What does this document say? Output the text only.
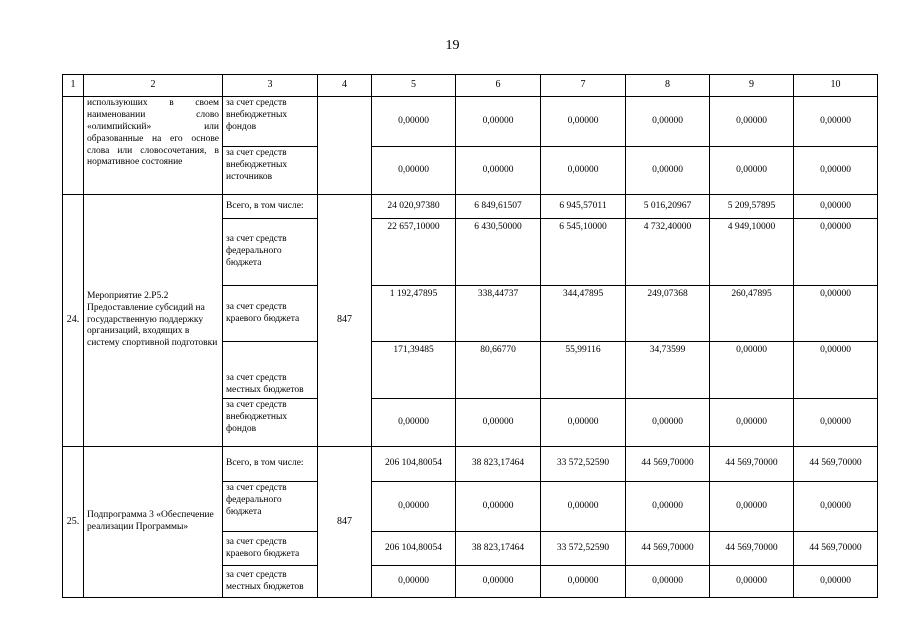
19
1	2	3	4	5	6	7	8	9	10
	используюших в своем наименовании слово «олимпийский» или образованные на его основе слова или словосочетания, в нормативное состояние	за счет средств внебюджетных фондов		0,00000	0,00000	0,00000	0,00000	0,00000	0,00000
		за счет средств внебюджетных источников		0,00000	0,00000	0,00000	0,00000	0,00000	0,00000
24.	Мероприятие 2.Р5.2 Предоставление субсидий на государственную поддержку организаций, входящих в систему спортивной подготовки	Всего, в том числе:	847	24 020,97380	6 849,61507	6 945,57011	5 016,20967	5 209,57895	0,00000
		за счет средств федерального бюджета		22 657,10000	6 430,50000	6 545,10000	4 732,40000	4 949,10000	0,00000
		за счет средств краевого бюджета		1 192,47895	338,44737	344,47895	249,07368	260,47895	0,00000
		за счет средств местных бюджетов		171,39485	80,66770	55,99116	34,73599	0,00000	0,00000
		за счет средств внебюджетных фондов		0,00000	0,00000	0,00000	0,00000	0,00000	0,00000
25.	Подпрограмма 3 «Обеспечение реализации Программы»	Всего, в том числе:	847	206 104,80054	38 823,17464	33 572,52590	44 569,70000	44 569,70000	44 569,70000
		за счет средств федерального бюджета		0,00000	0,00000	0,00000	0,00000	0,00000	0,00000
		за счет средств краевого бюджета		206 104,80054	38 823,17464	33 572,52590	44 569,70000	44 569,70000	44 569,70000
		за счет средств местных бюджетов		0,00000	0,00000	0,00000	0,00000	0,00000	0,00000
